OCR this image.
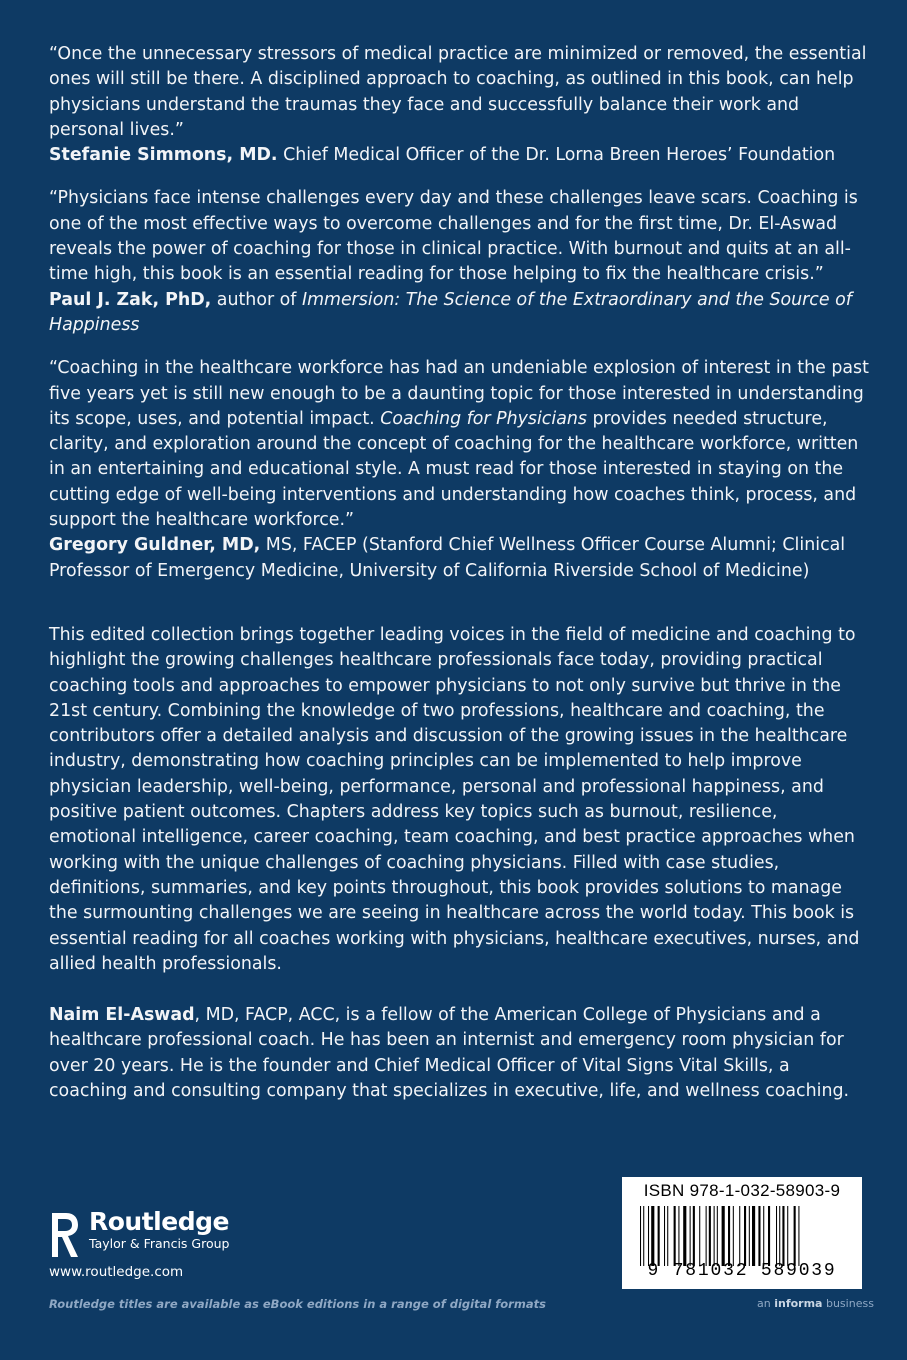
“Once the unnecessary stressors of medical practice are minimized or removed, the essential ones will still be there. A disciplined approach to coaching, as outlined in this book, can help physicians understand the traumas they face and successfully balance their work and personal lives.”

Stefanie Simmons, MD. Chief Medical Officer of the Dr. Lorna Breen Heroes’ Foundation

“Physicians face intense challenges every day and these challenges leave scars. Coaching is one of the most effective ways to overcome challenges and for the first time, Dr. El-Aswad reveals the power of coaching for those in clinical practice. With burnout and quits at an all-time high, this book is an essential reading for those helping to fix the healthcare crisis.”

Paul J. Zak, PhD, author of Immersion: The Science of the Extraordinary and the Source of Happiness

“Coaching in the healthcare workforce has had an undeniable explosion of interest in the past five years yet is still new enough to be a daunting topic for those interested in understanding its scope, uses, and potential impact. Coaching for Physicians provides needed structure, clarity, and exploration around the concept of coaching for the healthcare workforce, written in an entertaining and educational style. A must read for those interested in staying on the cutting edge of well-being interventions and understanding how coaches think, process, and support the healthcare workforce.”

Gregory Guldner, MD, MS, FACEP (Stanford Chief Wellness Officer Course Alumni; Clinical Professor of Emergency Medicine, University of California Riverside School of Medicine)

This edited collection brings together leading voices in the field of medicine and coaching to highlight the growing challenges healthcare professionals face today, providing practical coaching tools and approaches to empower physicians to not only survive but thrive in the 21st century. Combining the knowledge of two professions, healthcare and coaching, the contributors offer a detailed analysis and discussion of the growing issues in the healthcare industry, demonstrating how coaching principles can be implemented to help improve physician leadership, well-being, performance, personal and professional happiness, and positive patient outcomes. Chapters address key topics such as burnout, resilience, emotional intelligence, career coaching, team coaching, and best practice approaches when working with the unique challenges of coaching physicians. Filled with case studies, definitions, summaries, and key points throughout, this book provides solutions to manage the surmounting challenges we are seeing in healthcare across the world today. This book is essential reading for all coaches working with physicians, healthcare executives, nurses, and allied health professionals.

Naim El-Aswad, MD, FACP, ACC, is a fellow of the American College of Physicians and a healthcare professional coach. He has been an internist and emergency room physician for over 20 years. He is the founder and Chief Medical Officer of Vital Signs Vital Skills, a coaching and consulting company that specializes in executive, life, and wellness coaching.

Routledge
Taylor & Francis Group
www.routledge.com
Routledge titles are available as eBook editions in a range of digital formats	an informa business
ISBN 978-1-032-58903-9
9 781032 589039
